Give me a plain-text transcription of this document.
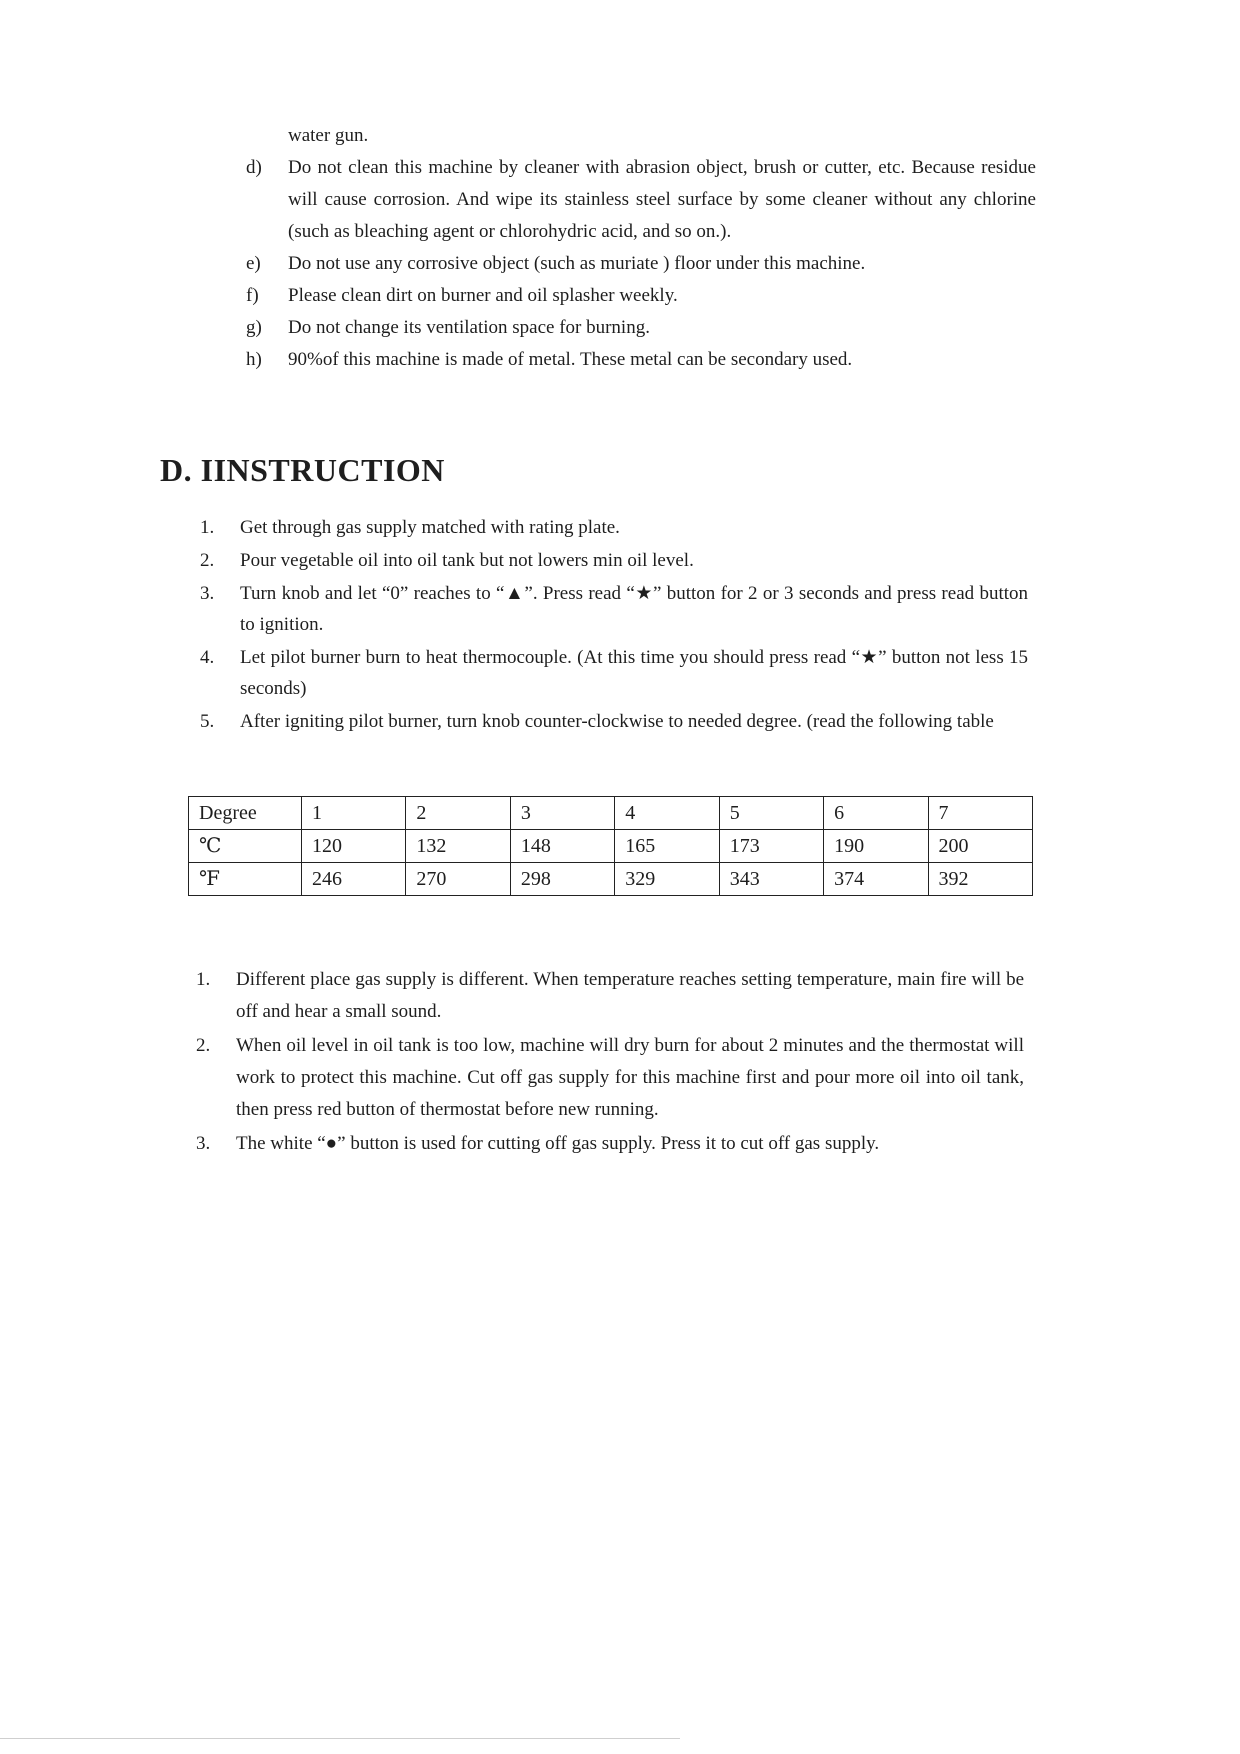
water gun.
d)	Do not clean this machine by cleaner with abrasion object, brush or cutter, etc. Because residue will cause corrosion. And wipe its stainless steel surface by some cleaner without any chlorine (such as bleaching agent or chlorohydric acid, and so on.).
e)	Do not use any corrosive object (such as muriate ) floor under this machine.
f)	Please clean dirt on burner and oil splasher weekly.
g)	Do not change its ventilation space for burning.
h)	90%of this machine is made of metal. These metal can be secondary used.
D. IINSTRUCTION
1.	Get through gas supply matched with rating plate.
2.	Pour vegetable oil into oil tank but not lowers min oil level.
3.	Turn knob and let “0” reaches to “▲”. Press read “★” button for 2 or 3 seconds and press read button to ignition.
4.	Let pilot burner burn to heat thermocouple. (At this time you should press read “★” button not less 15 seconds)
5.	After igniting pilot burner, turn knob counter-clockwise to needed degree. (read the following table
Degree	1	2	3	4	5	6	7
℃	120	132	148	165	173	190	200
℉	246	270	298	329	343	374	392
1.	Different place gas supply is different. When temperature reaches setting temperature, main fire will be off and hear a small sound.
2.	When oil level in oil tank is too low, machine will dry burn for about 2 minutes and the thermostat will work to protect this machine. Cut off gas supply for this machine first and pour more oil into oil tank, then press red button of thermostat before new running.
3.	The white “●” button is used for cutting off gas supply. Press it to cut off gas supply.
